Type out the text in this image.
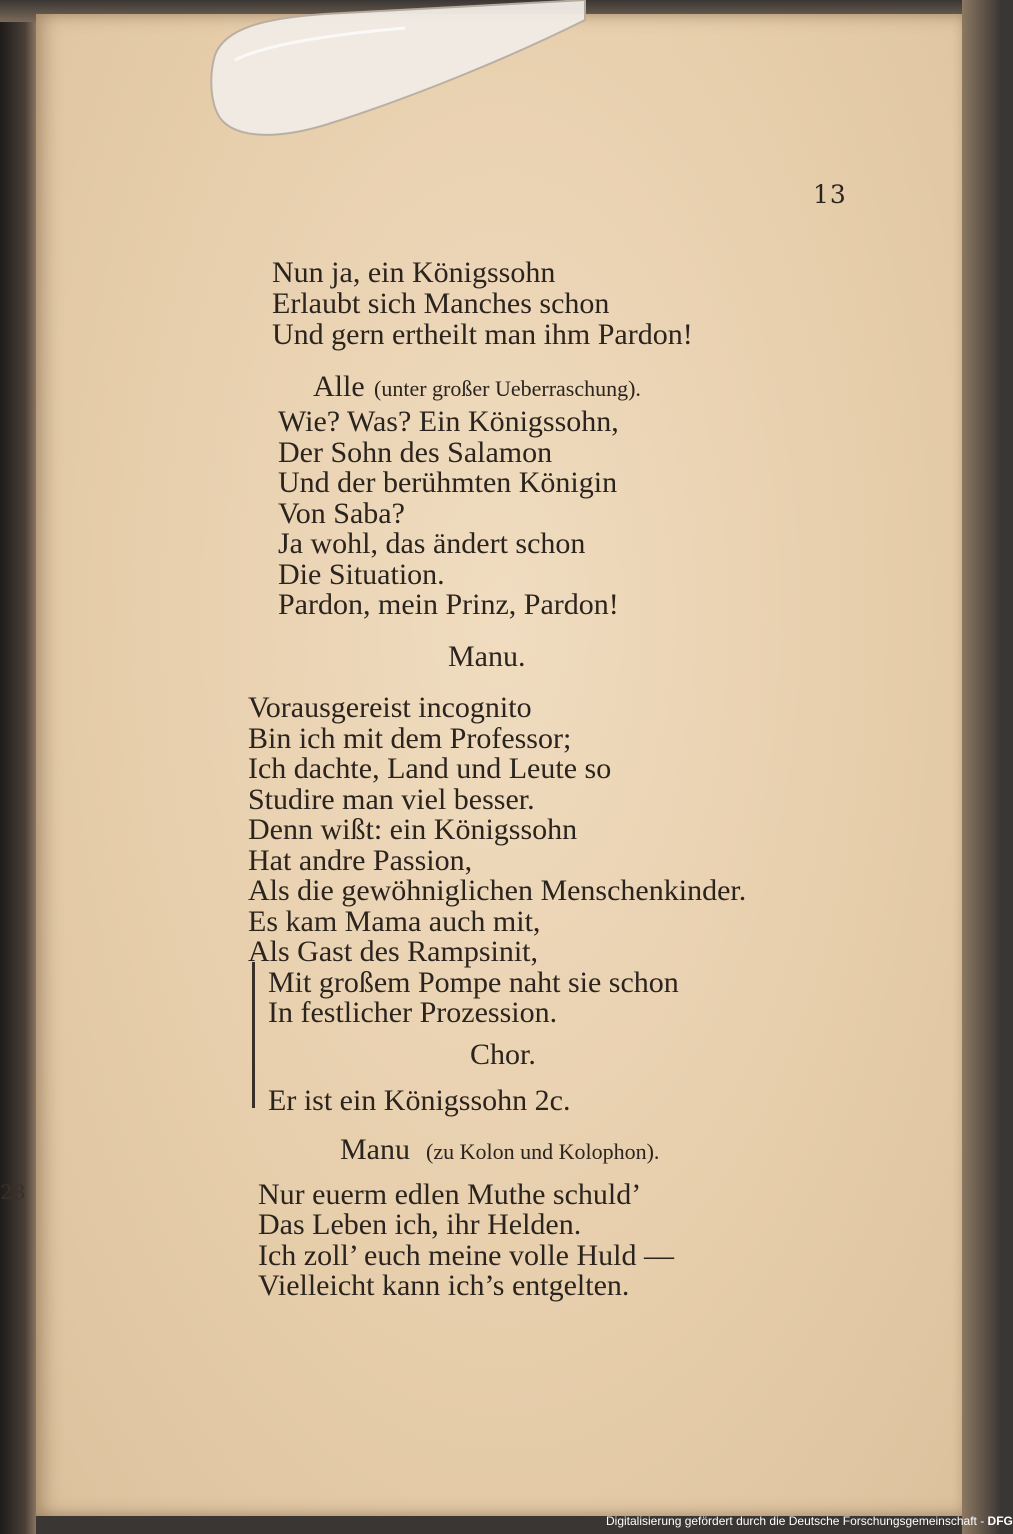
13
Nun ja, ein Königssohn
Erlaubt sich Manches schon
Und gern ertheilt man ihm Pardon!
Alle (unter großer Ueberraschung).
Wie? Was? Ein Königssohn,
Der Sohn des Salamon
Und der berühmten Königin
Von Saba?
Ja wohl, das ändert schon
Die Situation.
Pardon, mein Prinz, Pardon!
Manu.
Vorausgereist incognito
Bin ich mit dem Professor;
Ich dachte, Land und Leute so
Studire man viel besser.
Denn wißt: ein Königssohn
Hat andre Passion,
Als die gewöhniglichen Menschenkinder.
Es kam Mama auch mit,
Als Gast des Rampsinit,
Mit großem Pompe naht sie schon
In festlicher Prozession.
Chor.
Er ist ein Königssohn 2c.
Manu (zu Kolon und Kolophon).
Nur euerm edlen Muthe schuld’
Das Leben ich, ihr Helden.
Ich zoll’ euch meine volle Huld —
Vielleicht kann ich’s entgelten.
28
Digitalisierung gefördert durch die Deutsche Forschungsgemeinschaft - DFG
